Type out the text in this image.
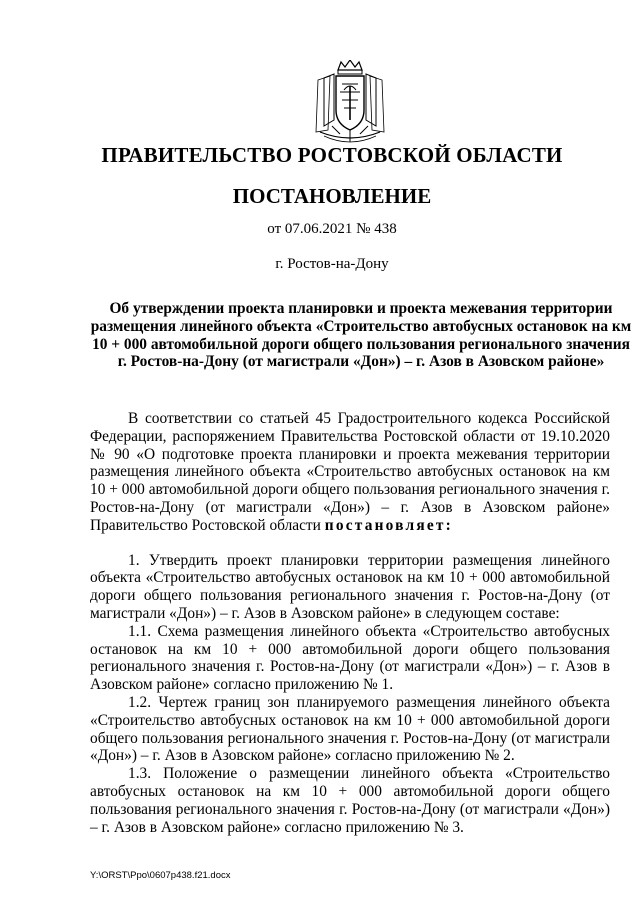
ПРАВИТЕЛЬСТВО РОСТОВСКОЙ ОБЛАСТИ
ПОСТАНОВЛЕНИЕ
от 07.06.2021 № 438
г. Ростов-на-Дону
Об утверждении проекта планировки и проекта межевания территории размещения линейного объекта «Строительство автобусных остановок на км 10 + 000 автомобильной дороги общего пользования регионального значения г. Ростов-на-Дону (от магистрали «Дон») – г. Азов в Азовском районе»

В соответствии со статьей 45 Градостроительного кодекса Российской Федерации, распоряжением Правительства Ростовской области от 19.10.2020 № 90 «О подготовке проекта планировки и проекта межевания территории размещения линейного объекта «Строительство автобусных остановок на км 10 + 000 автомобильной дороги общего пользования регионального значения г. Ростов-на-Дону (от магистрали «Дон») – г. Азов в Азовском районе» Правительство Ростовской области постановляет:

1. Утвердить проект планировки территории размещения линейного объекта «Строительство автобусных остановок на км 10 + 000 автомобильной дороги общего пользования регионального значения г. Ростов-на-Дону (от магистрали «Дон») – г. Азов в Азовском районе» в следующем составе:

1.1. Схема размещения линейного объекта «Строительство автобусных остановок на км 10 + 000 автомобильной дороги общего пользования регионального значения г. Ростов-на-Дону (от магистрали «Дон») – г. Азов в Азовском районе» согласно приложению № 1.

1.2. Чертеж границ зон планируемого размещения линейного объекта «Строительство автобусных остановок на км 10 + 000 автомобильной дороги общего пользования регионального значения г. Ростов-на-Дону (от магистрали «Дон») – г. Азов в Азовском районе» согласно приложению № 2.

1.3. Положение о размещении линейного объекта «Строительство автобусных остановок на км 10 + 000 автомобильной дороги общего пользования регионального значения г. Ростов-на-Дону (от магистрали «Дон») – г. Азов в Азовском районе» согласно приложению № 3.

Y:\ORST\Ppo\0607p438.f21.docx
